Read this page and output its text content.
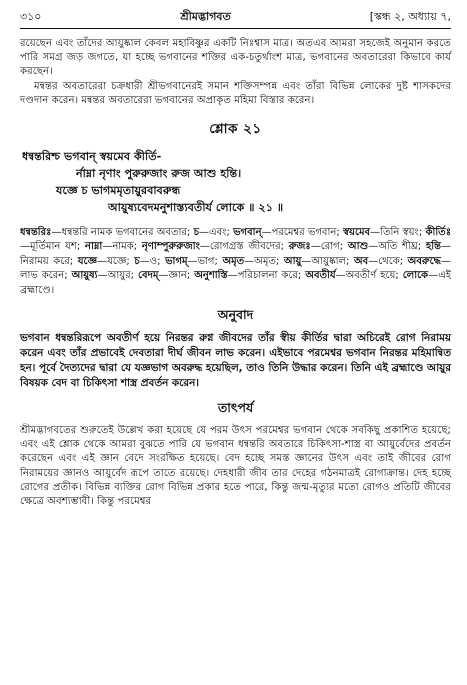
৩১০	শ্রীমদ্ভাগবত	[স্কন্ধ ২, অধ্যায় ৭,

রয়েছেন এবং তাঁদের আয়ুষ্কাল কেবল মহাবিষ্ণুর একটি নিঃশ্বাস মাত্র। অতএব আমরা সহজেই অনুমান করতে পারি সমগ্র জড় জগতে, যা হচ্ছে ভগবানের শক্তির এক-চতুর্থাংশ মাত্র, ভগবানের অবতারেরা কিভাবে কার্য করছেন।

মন্বন্তর অবতারেরা চক্রধারী শ্রীভগবানেরই সমান শক্তিসম্পন্ন এবং তাঁরা বিভিন্ন লোকের দুষ্ট শাসকদের দণ্ডদান করেন। মন্বন্তর অবতারেরা ভগবানের অপ্রাকৃত মহিমা বিস্তার করেন।

শ্লোক ২১
ধন্বন্তরিশ্চ ভগবান্ স্বয়মেব কীর্তি-
র্নাম্না নৃণাং পুরুরুজাং রুজ আশু হন্তি।
যজ্ঞে চ ভাগমমৃতায়ুরবাবরুন্ধ
আয়ুষ্যবেদমনুশাস্ত্যবতীর্য লোকে ॥ ২১ ॥

ধন্বন্তরিঃ—ধন্বন্তরি নামক ভগবানের অবতার; চ—এবং; ভগবান্—পরমেশ্বর ভগবান; স্বয়মেব—তিনি স্বয়ং; কীর্তিঃ—মূর্তিমান যশ; নাম্না—নামক; নৃণাম্পুরুরুজাং—রোগগ্রস্ত জীবদের; রুজঃ—রোগ; আশু—অতি শীঘ্র; হন্তি—নিরাময় করে; যজ্ঞে—যজ্ঞে; চ—ও; ভাগম্—ভাগ; অমৃত—অমৃত; আয়ু—আয়ুষ্কাল; অব—থেকে; অবরুদ্ধে—লাভ করেন; আয়ুষ্য—আয়ুর; বেদম্—জ্ঞান; অনুশাস্তি—পরিচালনা করে; অবতীর্য—অবতীর্ণ হয়ে; লোকে—এই ব্রহ্মাণ্ডে।

অনুবাদ

ভগবান ধন্বন্তরিরূপে অবতীর্ণ হয়ে নিরন্তর রুগ্ন জীবদের তাঁর স্বীয় কীর্তির দ্বারা অচিরেই রোগ নিরাময় করেন এবং তাঁর প্রভাবেই দেবতারা দীর্ঘ জীবন লাভ করেন। এইভাবে পরমেশ্বর ভগবান নিরন্তর মহিমান্বিত হন। পূর্বে দৈত্যদের দ্বারা যে যজ্ঞভাগ অবরুদ্ধ হয়েছিল, তাও তিনি উদ্ধার করেন। তিনি এই ব্রহ্মাণ্ডে আয়ুর বিষয়ক বেদ বা চিকিৎসা শাস্ত্র প্রবর্তন করেন।

তাৎপর্য

শ্রীমদ্ভাগবতের শুরুতেই উল্লেখ করা হয়েছে যে পরম উৎস পরমেশ্বর ভগবান থেকে সবকিছু প্রকাশিত হয়েছে; এবং এই শ্লোক থেকে আমরা বুঝতে পারি যে ভগবান ধন্বন্তরি অবতারে চিকিৎসা-শাস্ত্র বা আয়ুর্বেদের প্রবর্তন করেছেন এবং এই জ্ঞান বেদে সংরক্ষিত হয়েছে। বেদ হচ্ছে সমস্ত জ্ঞানের উৎস এবং তাই জীবের রোগ নিরাময়ের জ্ঞানও আয়ুর্বেদ রূপে তাতে রয়েছে। দেহধারী জীব তার দেহের গঠনমাত্রই রোগাক্রান্ত। দেহ হচ্ছে রোগের প্রতীক। বিভিন্ন ব্যক্তির রোগ বিভিন্ন প্রকার হতে পারে, কিন্তু জন্ম-মৃত্যুর মতো রোগও প্রতিটি জীবের ক্ষেত্রে অবশ্যম্ভাবী। কিন্তু পরমেশ্বর
